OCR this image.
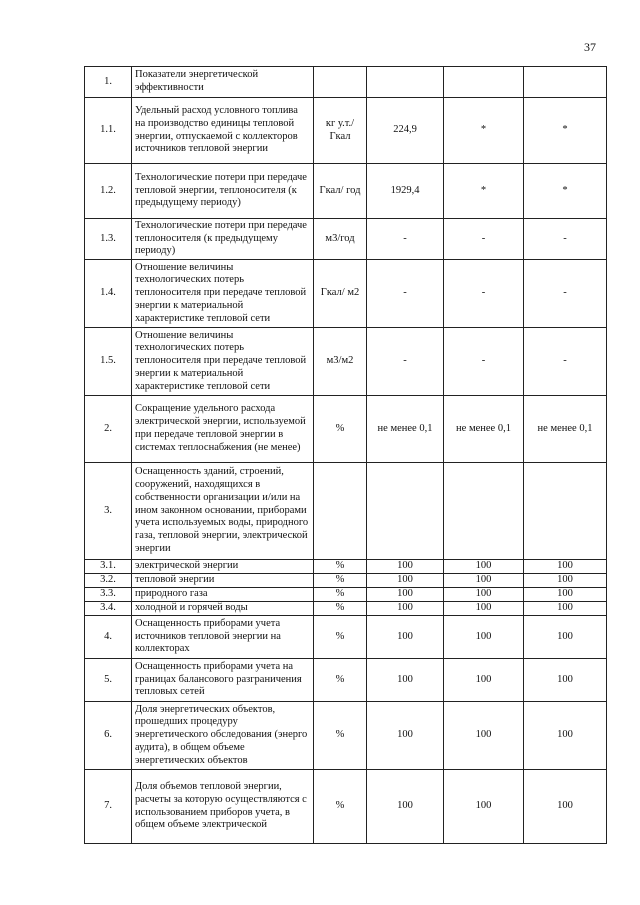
37
1.	Показатели энергетической эффективности				
1.1.	Удельный расход условного топлива на производство единицы тепловой энергии, отпускаемой с коллекторов источников тепловой энергии	кг у.т./ Гкал	224,9	*	*
1.2.	Технологические потери при передаче тепловой энергии, теплоносителя (к предыдущему периоду)	Гкал/ год	1929,4	*	*
1.3.	Технологические потери при передаче теплоносителя (к предыдущему периоду)	м3/год	-	-	-
1.4.	Отношение величины технологических потерь теплоносителя при передаче тепловой энергии к материальной характеристике тепловой сети	Гкал/ м2	-	-	-
1.5.	Отношение величины технологических потерь теплоносителя при передаче тепловой энергии к материальной характеристике тепловой сети	м3/м2	-	-	-
2.	Сокращение удельного расхода электрической энергии, используемой при передаче тепловой энергии в системах теплоснабжения (не менее)	%	не менее 0,1	не менее 0,1	не менее 0,1
3.	Оснащенность зданий, строений, сооружений, находящихся в собственности организации и/или на ином законном основании, приборами учета используемых воды, природного газа, тепловой энергии, электрической энергии				
3.1.	электрической энергии	%	100	100	100
3.2.	тепловой энергии	%	100	100	100
3.3.	природного газа	%	100	100	100
3.4.	холодной и горячей воды	%	100	100	100
4.	Оснащенность приборами учета источников тепловой энергии на коллекторах	%	100	100	100
5.	Оснащенность приборами учета на границах балансового разграничения тепловых сетей	%	100	100	100
6.	Доля энергетических объектов, прошедших процедуру энергетического обследования (энерго аудита), в общем объеме энергетических объектов	%	100	100	100
7.	Доля объемов тепловой энергии, расчеты за которую осуществляются с использованием приборов учета, в общем объеме электрической	%	100	100	100
